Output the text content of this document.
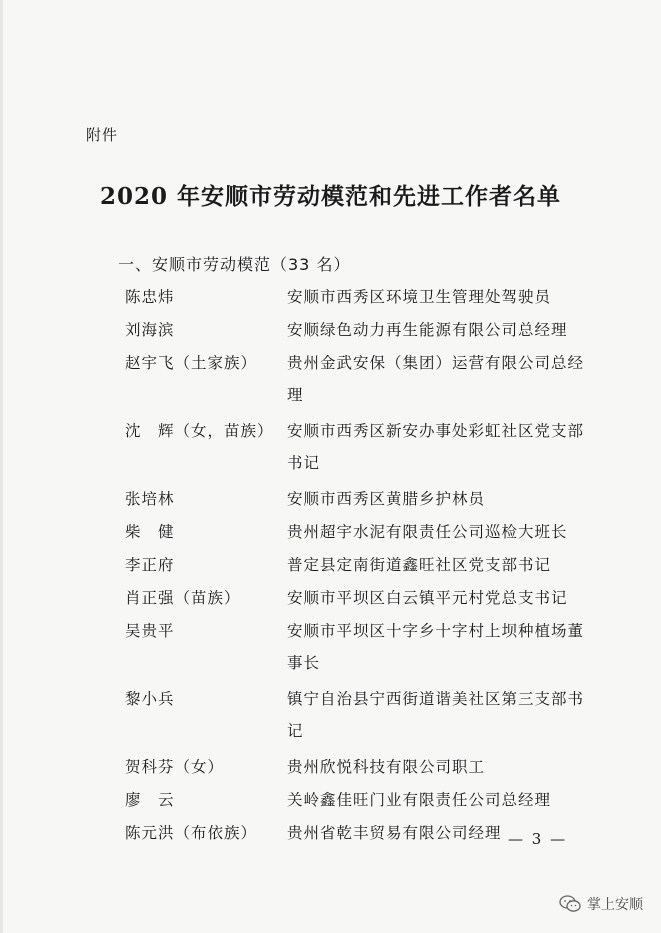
附件
2020 年安顺市劳动模范和先进工作者名单
一、安顺市劳动模范（33 名）
陈忠炜	安顺市西秀区环境卫生管理处驾驶员
刘海滨	安顺绿色动力再生能源有限公司总经理
赵宇飞（土家族）	贵州金武安保（集团）运营有限公司总经理
沈　辉（女，苗族） 安顺市西秀区新安办事处彩虹社区党支部书记
张培林	安顺市西秀区黄腊乡护林员
柴　健	贵州超宇水泥有限责任公司巡检大班长
李正府	普定县定南街道鑫旺社区党支部书记
肖正强（苗族）	安顺市平坝区白云镇平元村党总支书记
吴贵平	安顺市平坝区十字乡十字村上坝种植场董事长
黎小兵	镇宁自治县宁西街道谐美社区第三支部书记
贺科芬（女）	贵州欣悦科技有限公司职工
廖　云	关岭鑫佳旺门业有限责任公司总经理
陈元洪（布依族）	贵州省乾丰贸易有限公司经理 — 3 —
掌上安顺
